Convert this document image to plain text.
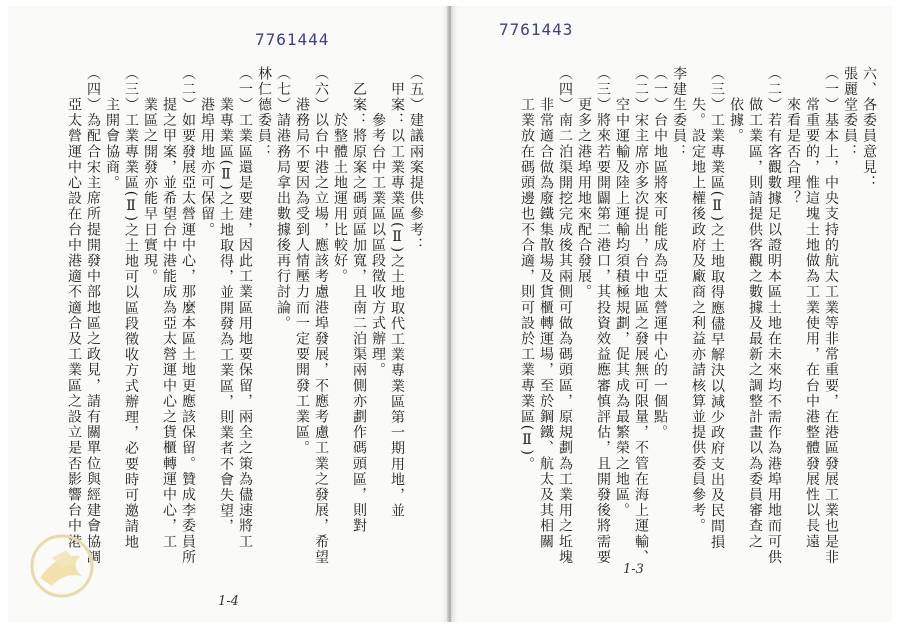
7761444
（五）建議兩案提供參考：
　甲案：以工業專業區(Ⅱ)之土地取代工業專業區第一期用地，並
　　　參考台中工業區以區段徵收方式辦理。
　乙案：將原案之碼頭區加寬，且南二泊渠兩側亦劃作碼頭區，則對
　　　於整體土地運用比較好。
（六）以台中港之立場，應該考慮港埠發展，不應考慮工業之發展，希望
　　港務局不要因為受到人情壓力而一定要開發工業區。
（七）請港務局拿出數據後再行討論。
林仁德委員：
（一）工業區還是要建，因此工業區用地要保留，兩全之策為儘速將工
　　業專業區(Ⅱ)之土地取得，並開發為工業區，則業者不會失望，
　　港埠用地亦可保留。
（二）如要發展亞太營運中心，那麼本區土地更應該保留。贊成李委員所
　　提之甲案，並希望台中港能成為亞太營運中心之貨櫃轉運中心，工
　　業區之開發亦能早日實現。
（三）工業專業區(Ⅱ)之土地可以區段徵收方式辦理，必要時可邀請地
　　主開會協商。
（四）為配合宋主席所提開發中部地區之政見，請有關單位與經建會協調
　　亞太營運中心設在台中港適不適合及工業區之設立是否影響台中港
1-4
7761443
六、各委員意見：
張麗堂委員：
（一）基本上，中央支持的航太工業等非常重要，在港區發展工業也是非
　　常重要的，惟這塊土地做為工業使用，在台中港整體發展性以長遠
　　來看是否合理？
（二）若有客觀數據足以證明本區土地在未來均不需作為港埠用地而可供
　　做工業區，則請提供客觀之數據及最新之調整計畫以為委員審查之
　　依據。
（三）工業專業區(Ⅱ)之土地取得應儘早解決以減少政府支出及民間損
　　失。設定地上權後政府及廠商之利益亦請核算並提供委員參考。
李建生委員：
（一）台中地區將來可能成為亞太營運中心的一個點。
（二）宋主席亦多次提出，台中地區之發展無可限量，不管在海上運輸、
　　空中運輸及陸上運輸均須積極規劃，促其成為最繁榮之地區。
（三）將來若要開闢第二港口，其投資效益應審慎評估，且開發後將需要
　　更多之港埠用地來配合發展。
（四）南二泊渠開挖完成後其兩側可做為碼頭區，原規劃為工業用之坵塊
　　非常適合做為廢鐵集散場及貨櫃轉運場，至於鋼鐵、航太及其相關
　　工業放在碼頭邊也不合適，則可設於工業專業區(Ⅱ)。
1-3
